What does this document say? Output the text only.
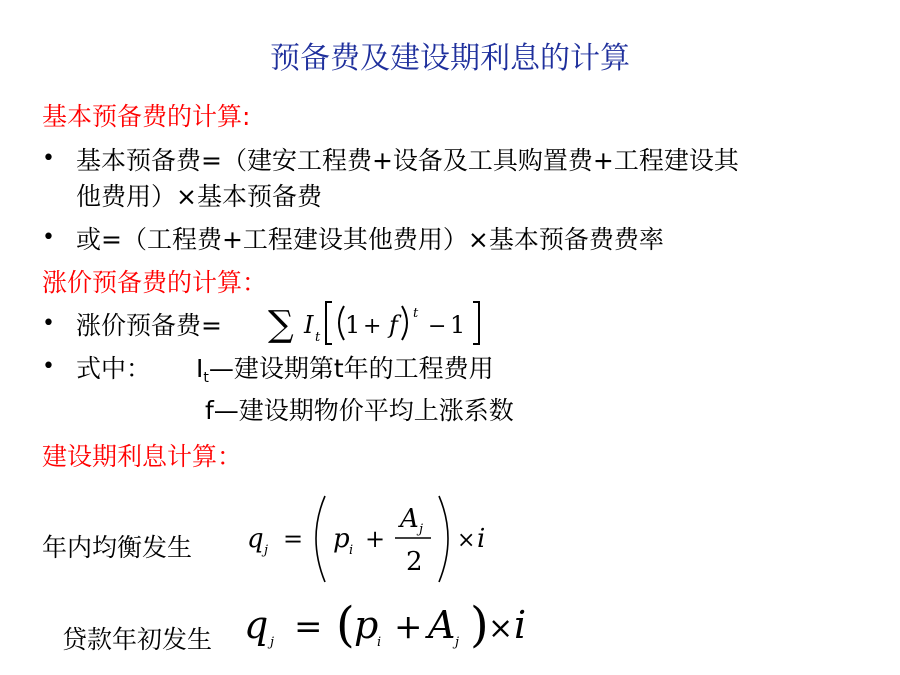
预备费及建设期利息的计算
基本预备费的计算:
• 基本预备费=（建安工程费+设备及工具购置费+工程建设其
他费用）×基本预备费
• 或=（工程费+工程建设其他费用）×基本预备费费率
涨价预备费的计算：
• 涨价预备费= ∑ I t 1 + f	t
− 1
• 式中： $I_t—$建设期第t年的工程费用
f—建设期物价平均上涨系数
建设期利息计算：
年内均衡发生 q j = p i +
A j
2
× i
贷款年初发生 q j = ( p
i + A j ) × i
